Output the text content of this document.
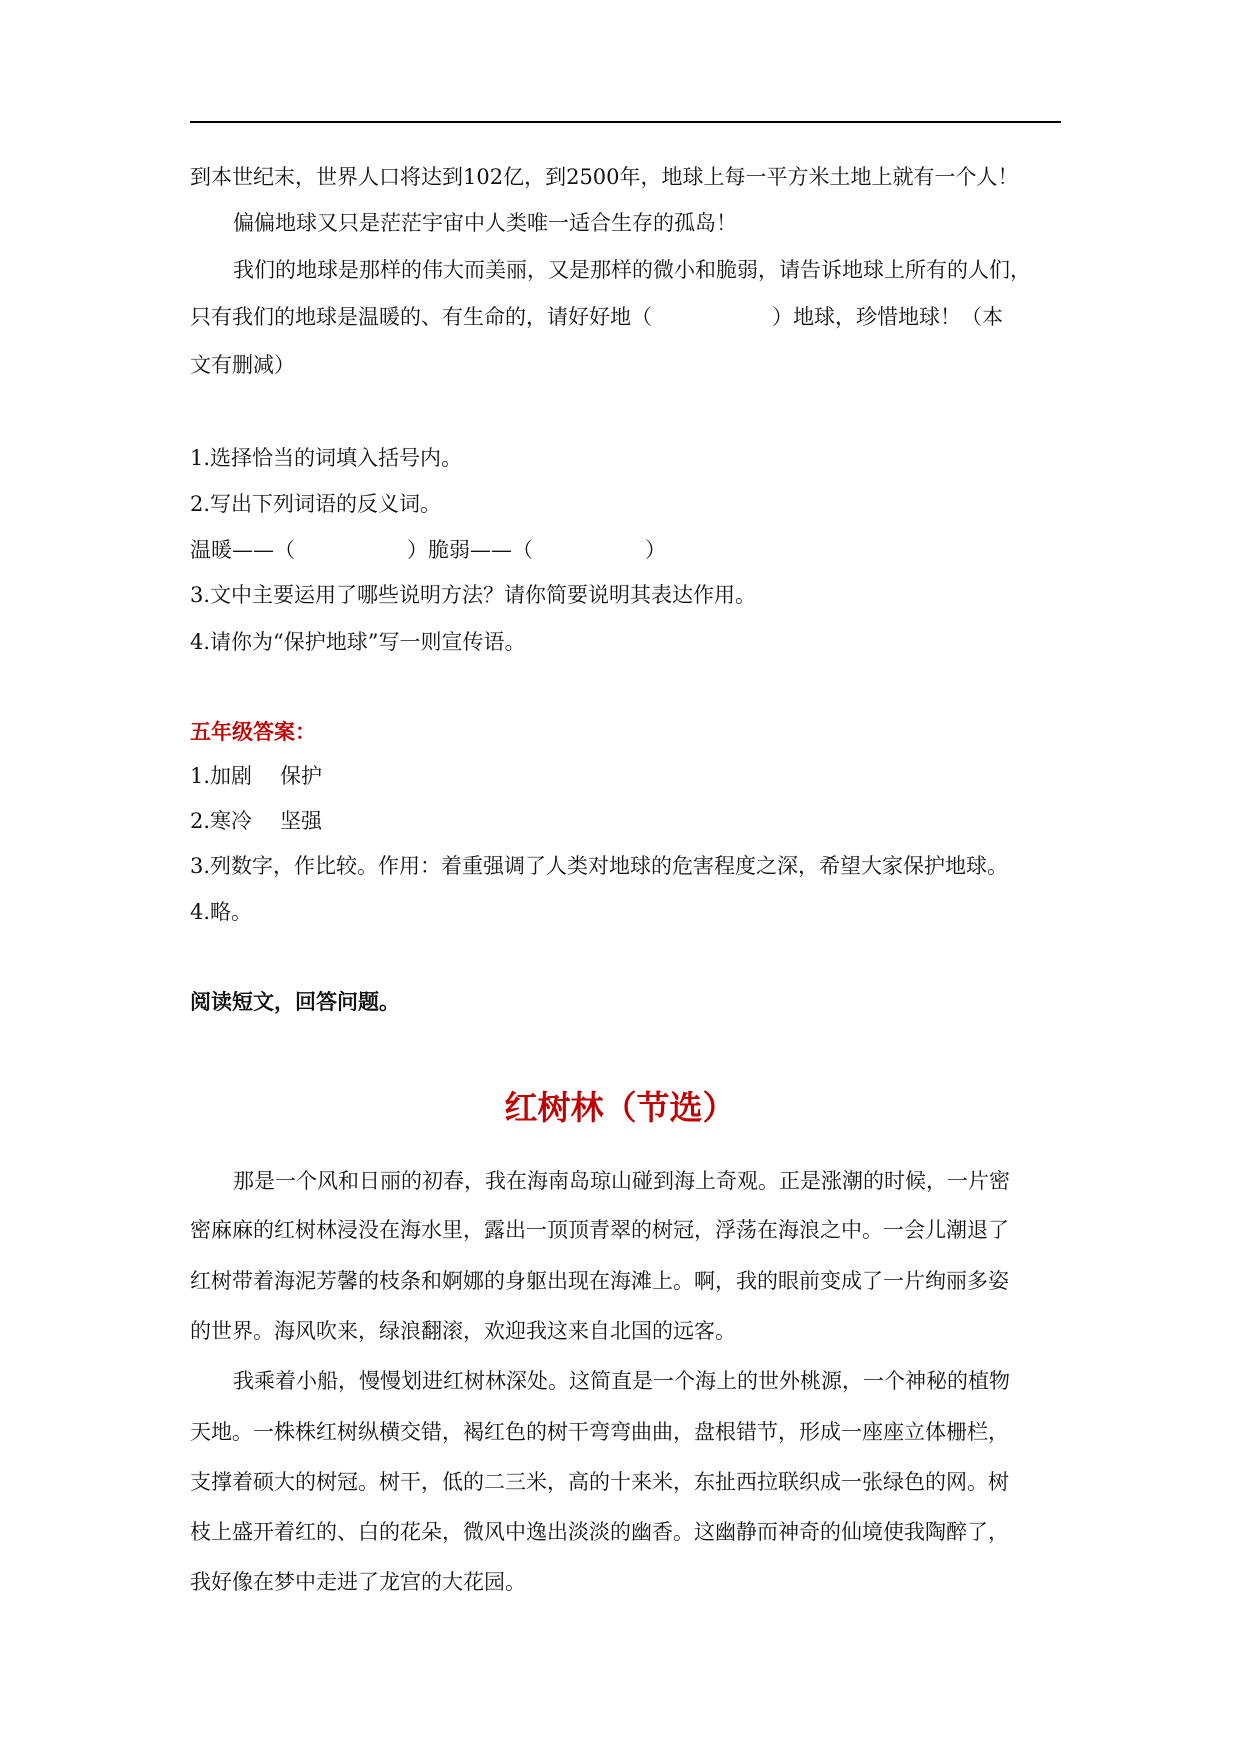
到本世纪末，世界人口将达到102亿，到2500年，地球上每一平方米土地上就有一个人！
偏偏地球又只是茫茫宇宙中人类唯一适合生存的孤岛！
我们的地球是那样的伟大而美丽，又是那样的微小和脆弱，请告诉地球上所有的人们，
只有我们的地球是温暖的、有生命的，请好好地（	）地球，珍惜地球！（本
文有删减）
1.选择恰当的词填入括号内。
2.写出下列词语的反义词。
温暖——（	）脆弱——（	）
3.文中主要运用了哪些说明方法？请你简要说明其表达作用。
4.请你为“保护地球”写一则宣传语。
五年级答案：
1.加剧 保护
2.寒冷 坚强
3.列数字，作比较。作用：着重强调了人类对地球的危害程度之深，希望大家保护地球。
4.略。
阅读短文，回答问题。
红树林（节选）
那是一个风和日丽的初春，我在海南岛琼山碰到海上奇观。正是涨潮的时候，一片密
密麻麻的红树林浸没在海水里，露出一顶顶青翠的树冠，浮荡在海浪之中。一会儿潮退了
红树带着海泥芳馨的枝条和婀娜的身躯出现在海滩上。啊，我的眼前变成了一片绚丽多姿
的世界。海风吹来，绿浪翻滚，欢迎我这来自北国的远客。
我乘着小船，慢慢划进红树林深处。这简直是一个海上的世外桃源，一个神秘的植物
天地。一株株红树纵横交错，褐红色的树干弯弯曲曲，盘根错节，形成一座座立体栅栏，
支撑着硕大的树冠。树干，低的二三米，高的十来米，东扯西拉联织成一张绿色的网。树
枝上盛开着红的、白的花朵，微风中逸出淡淡的幽香。这幽静而神奇的仙境使我陶醉了，
我好像在梦中走进了龙宫的大花园。
